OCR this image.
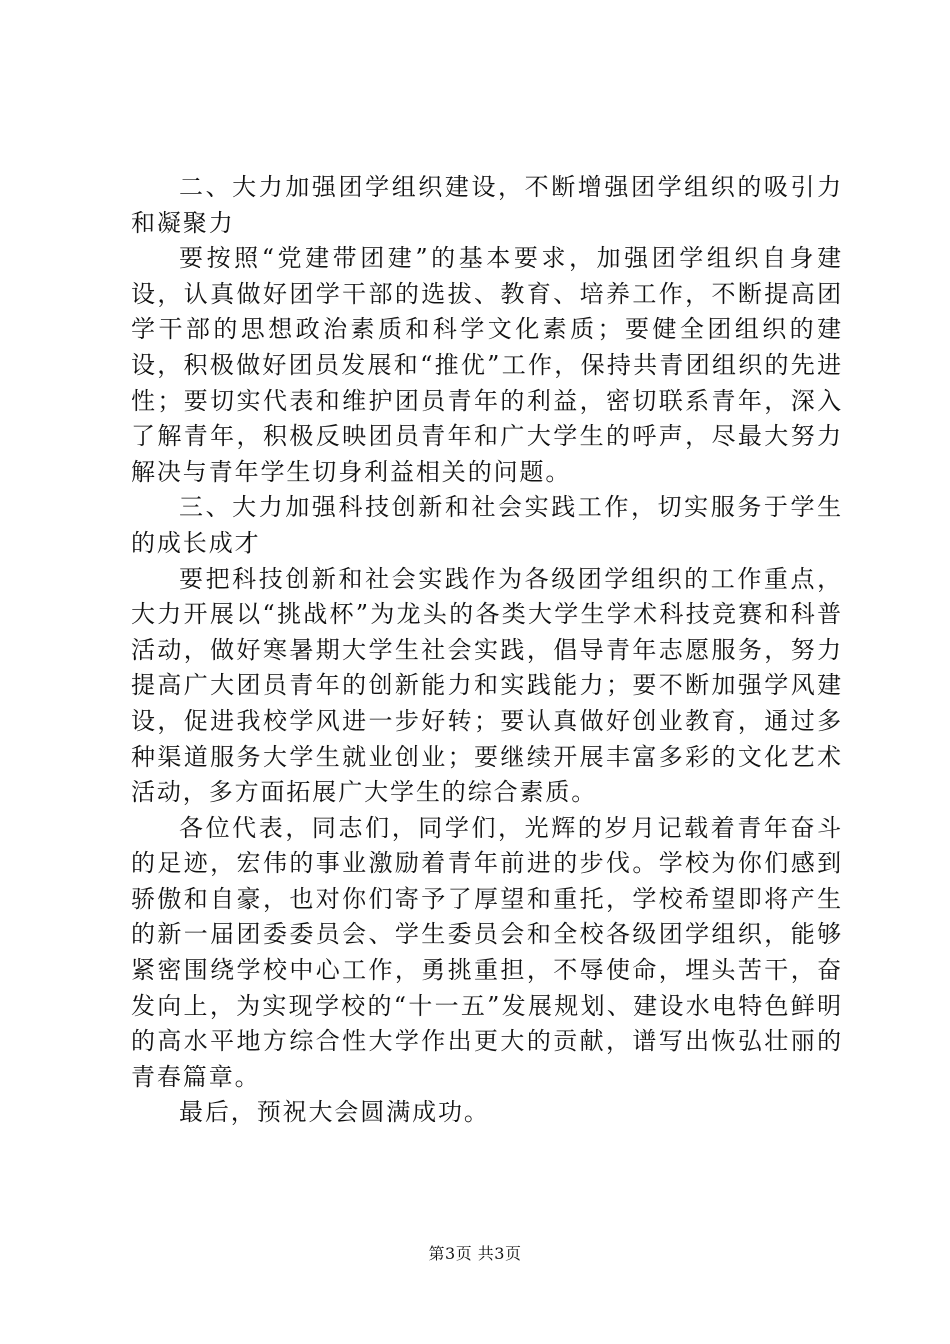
二、大力加强团学组织建设，不断增强团学组织的吸引力和凝聚力

要按照“党建带团建”的基本要求，加强团学组织自身建设，认真做好团学干部的选拔、教育、培养工作，不断提高团学干部的思想政治素质和科学文化素质；要健全团组织的建设，积极做好团员发展和“推优”工作，保持共青团组织的先进性；要切实代表和维护团员青年的利益，密切联系青年，深入了解青年，积极反映团员青年和广大学生的呼声，尽最大努力解决与青年学生切身利益相关的问题。

三、大力加强科技创新和社会实践工作，切实服务于学生的成长成才

要把科技创新和社会实践作为各级团学组织的工作重点，大力开展以“挑战杯”为龙头的各类大学生学术科技竞赛和科普活动，做好寒暑期大学生社会实践，倡导青年志愿服务，努力提高广大团员青年的创新能力和实践能力；要不断加强学风建设，促进我校学风进一步好转；要认真做好创业教育，通过多种渠道服务大学生就业创业；要继续开展丰富多彩的文化艺术活动，多方面拓展广大学生的综合素质。

各位代表，同志们，同学们，光辉的岁月记载着青年奋斗的足迹，宏伟的事业激励着青年前进的步伐。学校为你们感到骄傲和自豪，也对你们寄予了厚望和重托，学校希望即将产生的新一届团委委员会、学生委员会和全校各级团学组织，能够紧密围绕学校中心工作，勇挑重担，不辱使命，埋头苦干，奋发向上，为实现学校的“十一五”发展规划、建设水电特色鲜明的高水平地方综合性大学作出更大的贡献，谱写出恢弘壮丽的青春篇章。

最后，预祝大会圆满成功。

第3页 共3页
